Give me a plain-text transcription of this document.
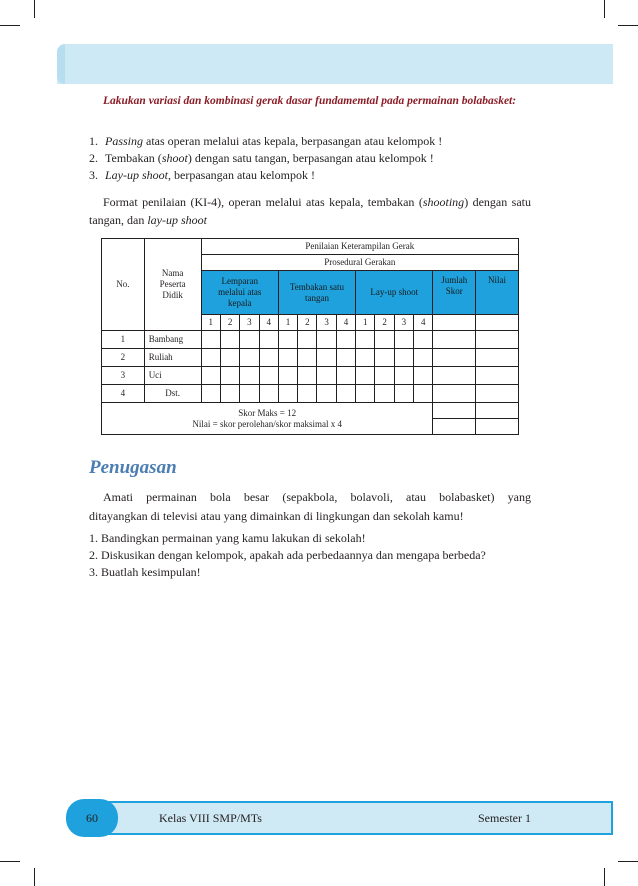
Lakukan variasi dan kombinasi gerak dasar fundamemtal pada permainan bolabasket:
1.
Passing atas operan melalui atas kepala, berpasangan atau kelompok !
2.
Tembakan (shoot) dengan satu tangan, berpasangan atau kelompok !
3.
Lay-up shoot, berpasangan atau kelompok !
Format penilaian (KI-4), operan melalui atas kepala, tembakan (shooting) dengan satu tangan, dan lay-up shoot
No.	Nama Peserta Didik	Penilaian Keterampilan Gerak													
		Prosedural Gerakan													
		Lemparan melalui atas kepala				Tembakan satu tangan				Lay-up shoot				Jumlah Skor	Nilai
		1	2	3	4	1	2	3	4	1	2	3	4		
1	Bambang														
2	Ruliah														
3	Uci														
4	Dst.														

Skor Maks = 12
Nilai = skor perolehan/skor maksimal x 4															

Penugasan
Amati permainan bola besar (sepakbola, bolavoli, atau bolabasket) yang
ditayangkan di televisi atau yang dimainkan di lingkungan dan sekolah kamu!
1. Bandingkan permainan yang kamu lakukan di sekolah!
2. Diskusikan dengan kelompok, apakah ada perbedaannya dan mengapa berbeda?
3. Buatlah kesimpulan!
60	Kelas VIII SMP/MTs	Semester 1
